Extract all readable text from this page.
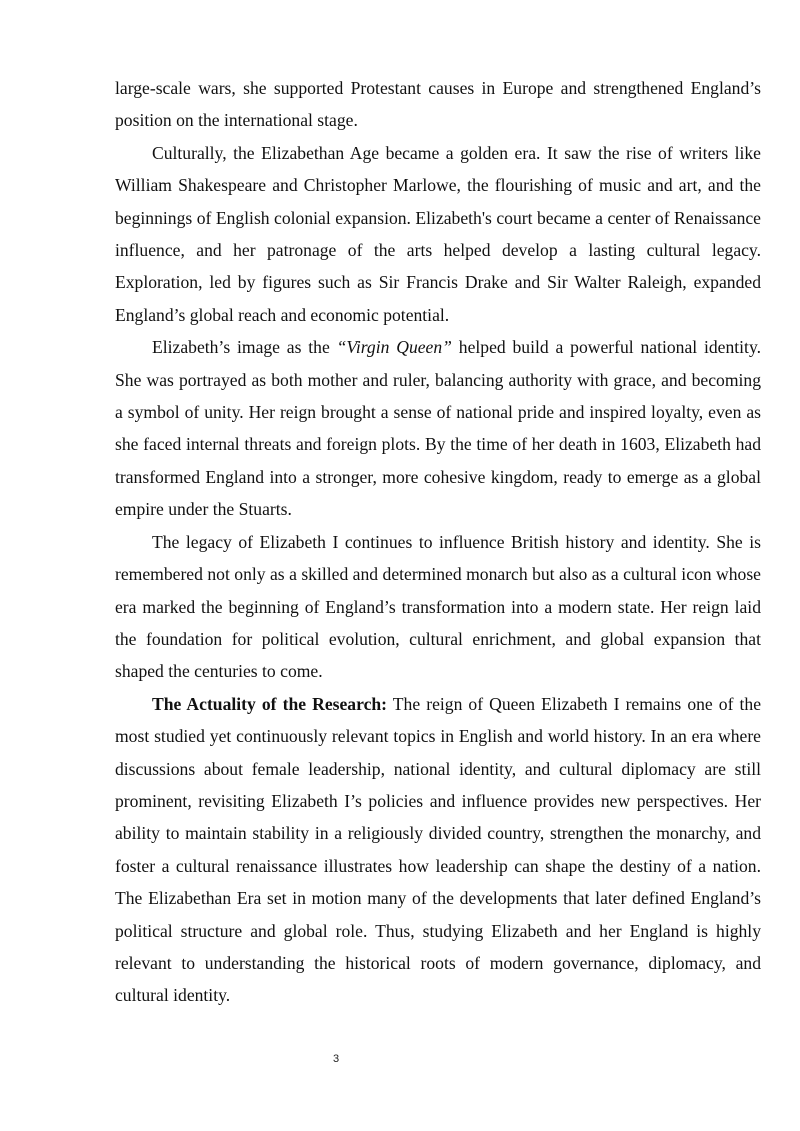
large-scale wars, she supported Protestant causes in Europe and strengthened England’s position on the international stage.

Culturally, the Elizabethan Age became a golden era. It saw the rise of writers like William Shakespeare and Christopher Marlowe, the flourishing of music and art, and the beginnings of English colonial expansion. Elizabeth's court became a center of Renaissance influence, and her patronage of the arts helped develop a lasting cultural legacy. Exploration, led by figures such as Sir Francis Drake and Sir Walter Raleigh, expanded England’s global reach and economic potential.

Elizabeth’s image as the “Virgin Queen” helped build a powerful national identity. She was portrayed as both mother and ruler, balancing authority with grace, and becoming a symbol of unity. Her reign brought a sense of national pride and inspired loyalty, even as she faced internal threats and foreign plots. By the time of her death in 1603, Elizabeth had transformed England into a stronger, more cohesive kingdom, ready to emerge as a global empire under the Stuarts.

The legacy of Elizabeth I continues to influence British history and identity. She is remembered not only as a skilled and determined monarch but also as a cultural icon whose era marked the beginning of England’s transformation into a modern state. Her reign laid the foundation for political evolution, cultural enrichment, and global expansion that shaped the centuries to come.

The Actuality of the Research: The reign of Queen Elizabeth I remains one of the most studied yet continuously relevant topics in English and world history. In an era where discussions about female leadership, national identity, and cultural diplomacy are still prominent, revisiting Elizabeth I’s policies and influence provides new perspectives. Her ability to maintain stability in a religiously divided country, strengthen the monarchy, and foster a cultural renaissance illustrates how leadership can shape the destiny of a nation. The Elizabethan Era set in motion many of the developments that later defined England’s political structure and global role. Thus, studying Elizabeth and her England is highly relevant to understanding the historical roots of modern governance, diplomacy, and cultural identity.

3
